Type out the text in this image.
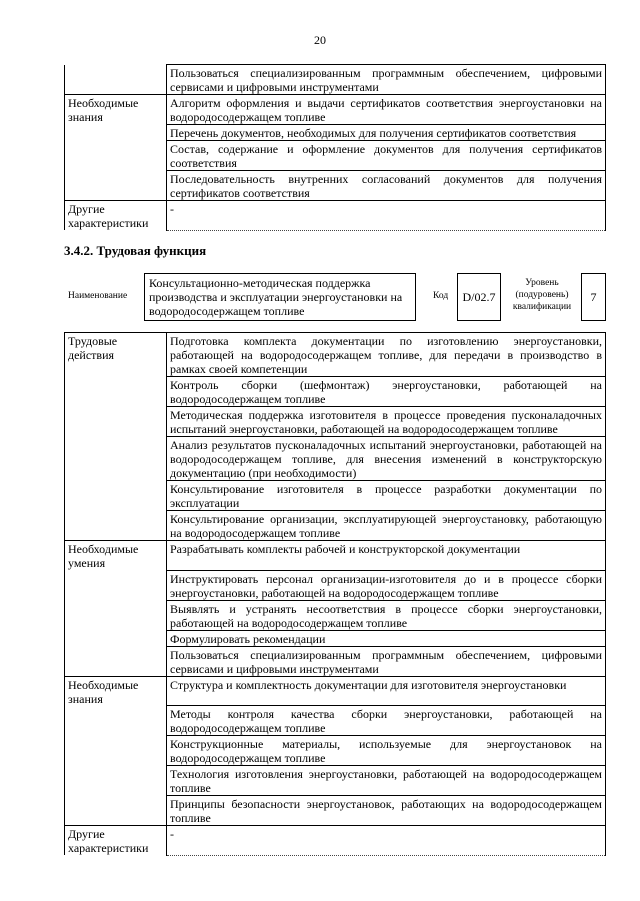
20
	Пользоваться специализированным программным обеспечением, цифровыми сервисами и цифровыми инструментами
Необходимые знания	Алгоритм оформления и выдачи сертификатов соответствия энергоустановки на водородосодержащем топливе
	Перечень документов, необходимых для получения сертификатов соответствия
	Состав, содержание и оформление документов для получения сертификатов соответствия
	Последовательность внутренних согласований документов для получения сертификатов соответствия
Другие характеристики	-
3.4.2. Трудовая функция
Наименование
Консультационно-методическая поддержка производства и эксплуатации энергоустановки на водородосодержащем топливе
Код	D/02.7
Уровень (подуровень) квалификации
7
Трудовые действия	Подготовка комплекта документации по изготовлению энергоустановки, работающей на водородосодержащем топливе, для передачи в производство в рамках своей компетенции
	Контроль сборки (шефмонтаж) энергоустановки, работающей на водородосодержащем топливе
	Методическая поддержка изготовителя в процессе проведения пусконаладочных испытаний энергоустановки, работающей на водородосодержащем топливе
	Анализ результатов пусконаладочных испытаний энергоустановки, работающей на водородосодержащем топливе, для внесения изменений в конструкторскую документацию (при необходимости)
	Консультирование изготовителя в процессе разработки документации по эксплуатации
	Консультирование организации, эксплуатирующей энергоустановку, работающую на водородосодержащем топливе
Необходимые умения	Разрабатывать комплекты рабочей и конструкторской документации
	Инструктировать персонал организации-изготовителя до и в процессе сборки энергоустановки, работающей на водородосодержащем топливе
	Выявлять и устранять несоответствия в процессе сборки энергоустановки, работающей на водородосодержащем топливе
	Формулировать рекомендации
	Пользоваться специализированным программным обеспечением, цифровыми сервисами и цифровыми инструментами
Необходимые знания	Структура и комплектность документации для изготовителя энергоустановки
	Методы контроля качества сборки энергоустановки, работающей на водородосодержащем топливе
	Конструкционные материалы, используемые для энергоустановок на водородосодержащем топливе
	Технология изготовления энергоустановки, работающей на водородосодержащем топливе
	Принципы безопасности энергоустановок, работающих на водородосодержащем топливе
Другие характеристики	-
